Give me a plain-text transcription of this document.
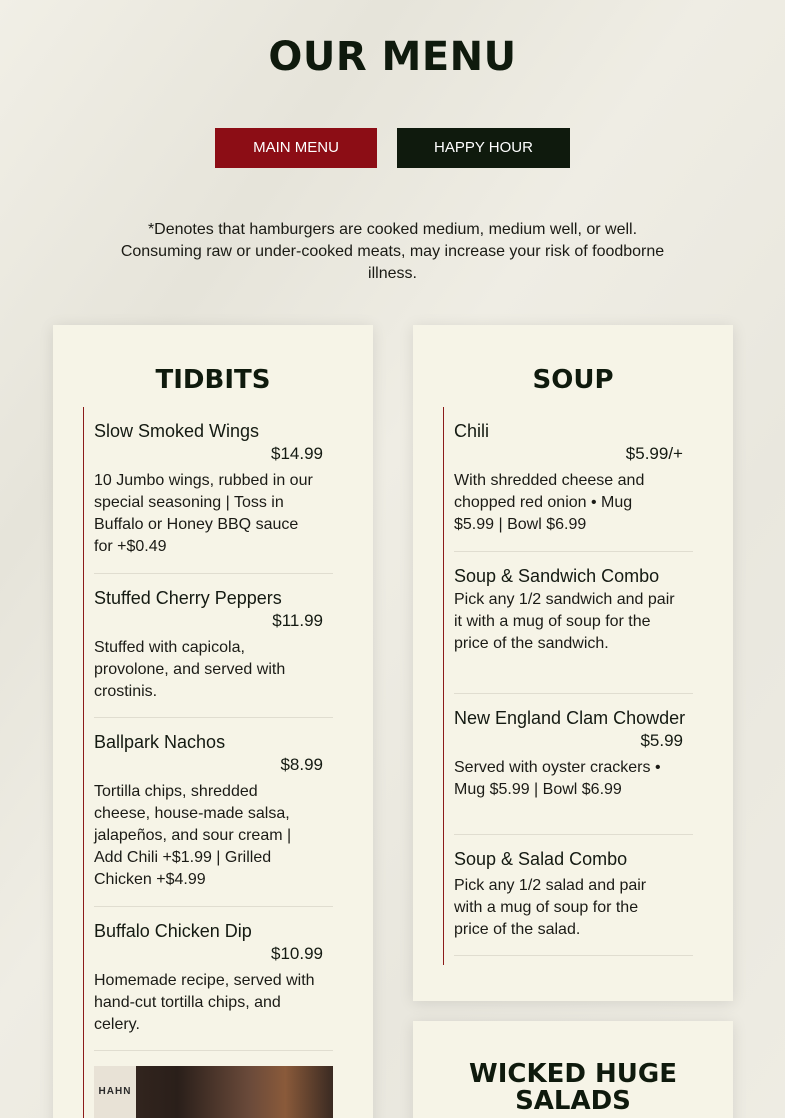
OUR MENU
MAIN MENU	HAPPY HOUR
*Denotes that hamburgers are cooked medium, medium well, or well. Consuming raw or under-cooked meats, may increase your risk of foodborne illness.
TIDBITS
Slow Smoked Wings
$14.99
10 Jumbo wings, rubbed in our special seasoning | Toss in Buffalo or Honey BBQ sauce for +$0.49
Stuffed Cherry Peppers
$11.99
Stuffed with capicola, provolone, and served with crostinis.
Ballpark Nachos
$8.99
Tortilla chips, shredded cheese, house-made salsa, jalapeños, and sour cream | Add Chili +$1.99 | Grilled Chicken +$4.99
Buffalo Chicken Dip
$10.99
Homemade recipe, served with hand-cut tortilla chips, and celery.
HAHN
SOUP
Chili
$5.99/+
With shredded cheese and chopped red onion • Mug $5.99 | Bowl $6.99
Soup & Sandwich Combo
Pick any 1/2 sandwich and pair it with a mug of soup for the price of the sandwich.
New England Clam Chowder
$5.99
Served with oyster crackers • Mug $5.99 | Bowl $6.99
Soup & Salad Combo
Pick any 1/2 salad and pair with a mug of soup for the price of the salad.
WICKED HUGE SALADS
